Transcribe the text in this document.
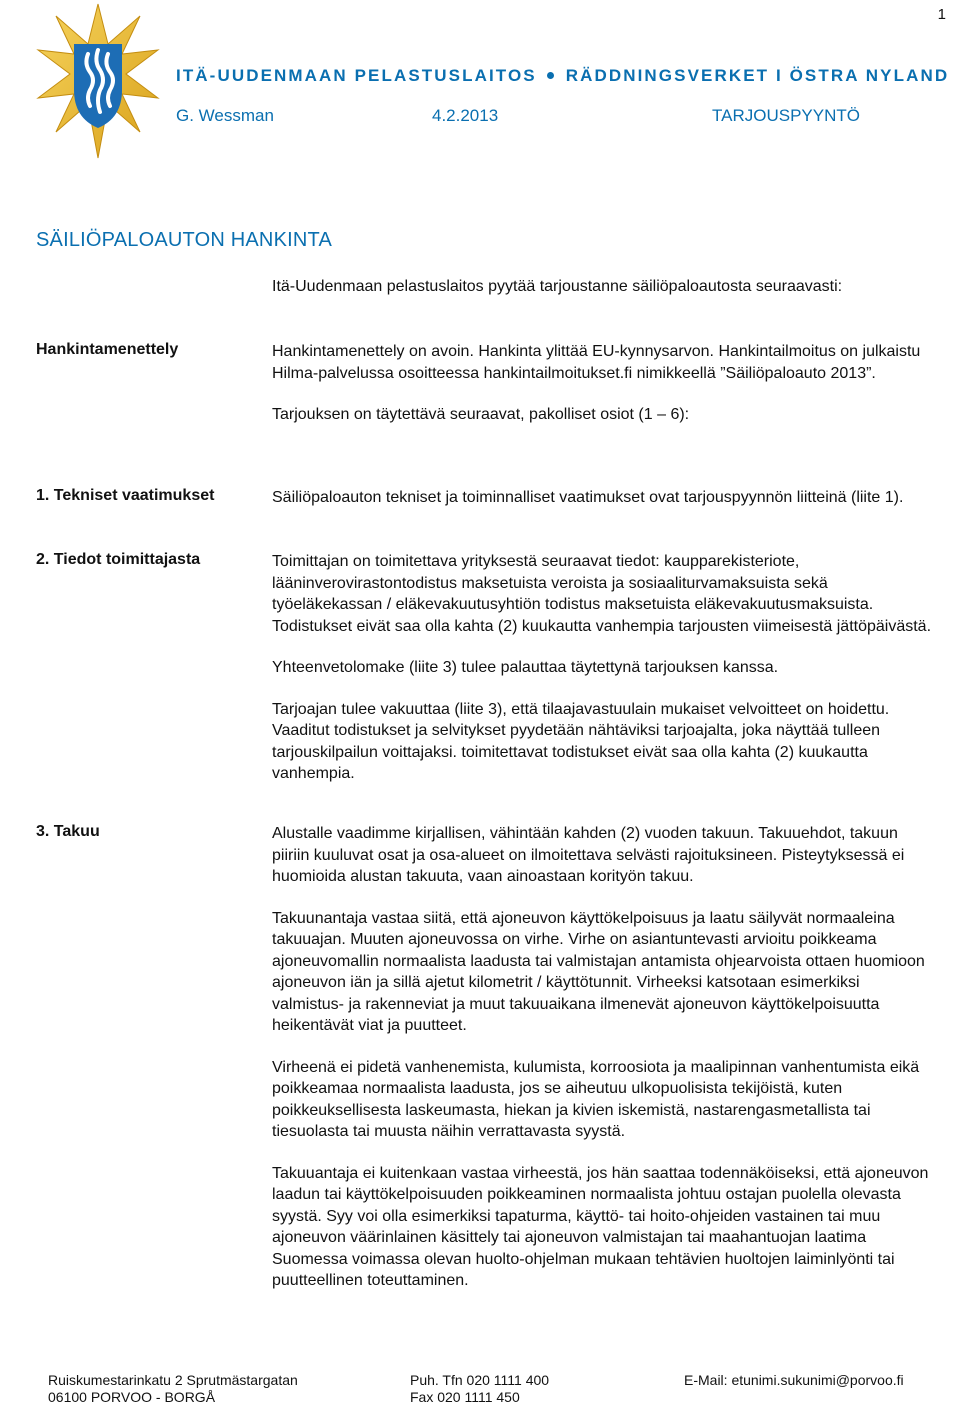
1
ITÄ-UUDENMAAN PELASTUSLAITOS RÄDDNINGSVERKET I ÖSTRA NYLAND
G. Wessman	4.2.2013	TARJOUSPYYNTÖ
SÄILIÖPALOAUTON HANKINTA
Itä-Uudenmaan pelastuslaitos pyytää tarjoustanne säiliöpaloautosta seuraavasti:
Hankintamenettely	Hankintamenettely on avoin. Hankinta ylittää EU-kynnysarvon. Hankintailmoitus on julkaistu Hilma-palvelussa osoitteessa hankintailmoitukset.fi nimikkeellä ”Säiliöpaloauto 2013”.

Tarjouksen on täytettävä seuraavat, pakolliset osiot (1 – 6):

1. Tekniset vaatimukset	Säiliöpaloauton tekniset ja toiminnalliset vaatimukset ovat tarjouspyynnön liitteinä (liite 1).

2. Tiedot toimittajasta	Toimittajan on toimitettava yrityksestä seuraavat tiedot: kaupparekisteriote, lääninverovirastontodistus maksetuista veroista ja sosiaaliturvamaksuista sekä työeläkekassan / eläkevakuutusyhtiön todistus maksetuista eläkevakuutusmaksuista. Todistukset eivät saa olla kahta (2) kuukautta vanhempia tarjousten viimeisestä jättöpäivästä.

Yhteenvetolomake (liite 3) tulee palauttaa täytettynä tarjouksen kanssa.

Tarjoajan tulee vakuuttaa (liite 3), että tilaajavastuulain mukaiset velvoitteet on hoidettu. Vaaditut todistukset ja selvitykset pyydetään nähtäviksi tarjoajalta, joka näyttää tulleen tarjouskilpailun voittajaksi. toimitettavat todistukset eivät saa olla kahta (2) kuukautta vanhempia.

3. Takuu	Alustalle vaadimme kirjallisen, vähintään kahden (2) vuoden takuun. Takuuehdot, takuun piiriin kuuluvat osat ja osa-alueet on ilmoitettava selvästi rajoituksineen. Pisteytyksessä ei huomioida alustan takuuta, vaan ainoastaan korityön takuu.

Takuunantaja vastaa siitä, että ajoneuvon käyttökelpoisuus ja laatu säilyvät normaaleina takuuajan. Muuten ajoneuvossa on virhe. Virhe on asiantuntevasti arvioitu poikkeama ajoneuvomallin normaalista laadusta tai valmistajan antamista ohjearvoista ottaen huomioon ajoneuvon iän ja sillä ajetut kilometrit / käyttötunnit. Virheeksi katsotaan esimerkiksi valmistus- ja rakenneviat ja muut takuuaikana ilmenevät ajoneuvon käyttökelpoisuutta heikentävät viat ja puutteet.

Virheenä ei pidetä vanhenemista, kulumista, korroosiota ja maalipinnan vanhentumista eikä poikkeamaa normaalista laadusta, jos se aiheutuu ulkopuolisista tekijöistä, kuten poikkeuksellisesta laskeumasta, hiekan ja kivien iskemistä, nastarengasmetallista tai tiesuolasta tai muusta näihin verrattavasta syystä.

Takuuantaja ei kuitenkaan vastaa virheestä, jos hän saattaa todennäköiseksi, että ajoneuvon laadun tai käyttökelpoisuuden poikkeaminen normaalista johtuu ostajan puolella olevasta syystä. Syy voi olla esimerkiksi tapaturma, käyttö- tai hoito-ohjeiden vastainen tai muu ajoneuvon väärinlainen käsittely tai ajoneuvon valmistajan tai maahantuojan laatima Suomessa voimassa olevan huolto-ohjelman mukaan tehtävien huoltojen laiminlyönti tai puutteellinen toteuttaminen.

Ruiskumestarinkatu 2 Sprutmästargatan
06100 PORVOO - BORGÅ
Puh. Tfn 020 1111 400
Fax 020 1111 450
E-Mail: etunimi.sukunimi@porvoo.fi
